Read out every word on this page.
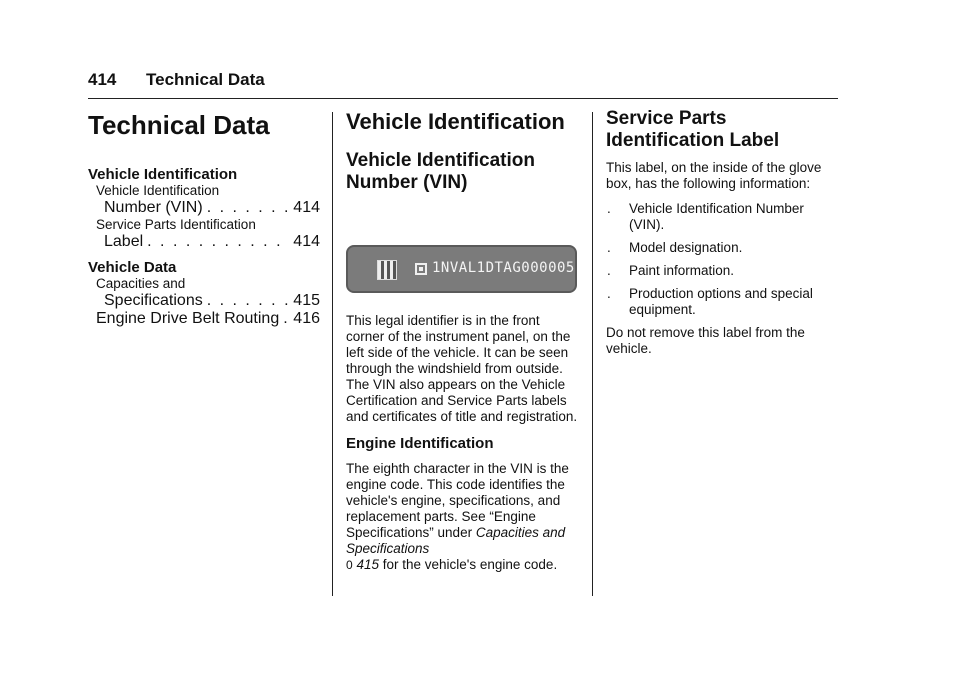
414 Technical Data
Technical Data
Vehicle Identification
Vehicle Identification
Number (VIN) . . .	414
Service Parts Identification
Label . . .	414
Vehicle Data
Capacities and
Specifications . . .	415
Engine Drive Belt Routing . . . 416
Vehicle Identification
Vehicle Identification
Number (VIN)
1NVAL1DTAG000005

This legal identifier is in the front corner of the instrument panel, on the left side of the vehicle. It can be seen through the windshield from outside. The VIN also appears on the Vehicle Certification and Service Parts labels and certificates of title and registration.

Engine Identification

The eighth character in the VIN is the engine code. This code identifies the vehicle's engine, specifications, and replacement parts. See “Engine Specifications” under Capacities and Specifications
0 415 for the vehicle's engine code.

Service Parts
Identification Label

This label, on the inside of the glove box, has the following information:

. Vehicle Identification Number (VIN).
. Model designation.
. Paint information.
. Production options and special equipment.

Do not remove this label from the vehicle.
